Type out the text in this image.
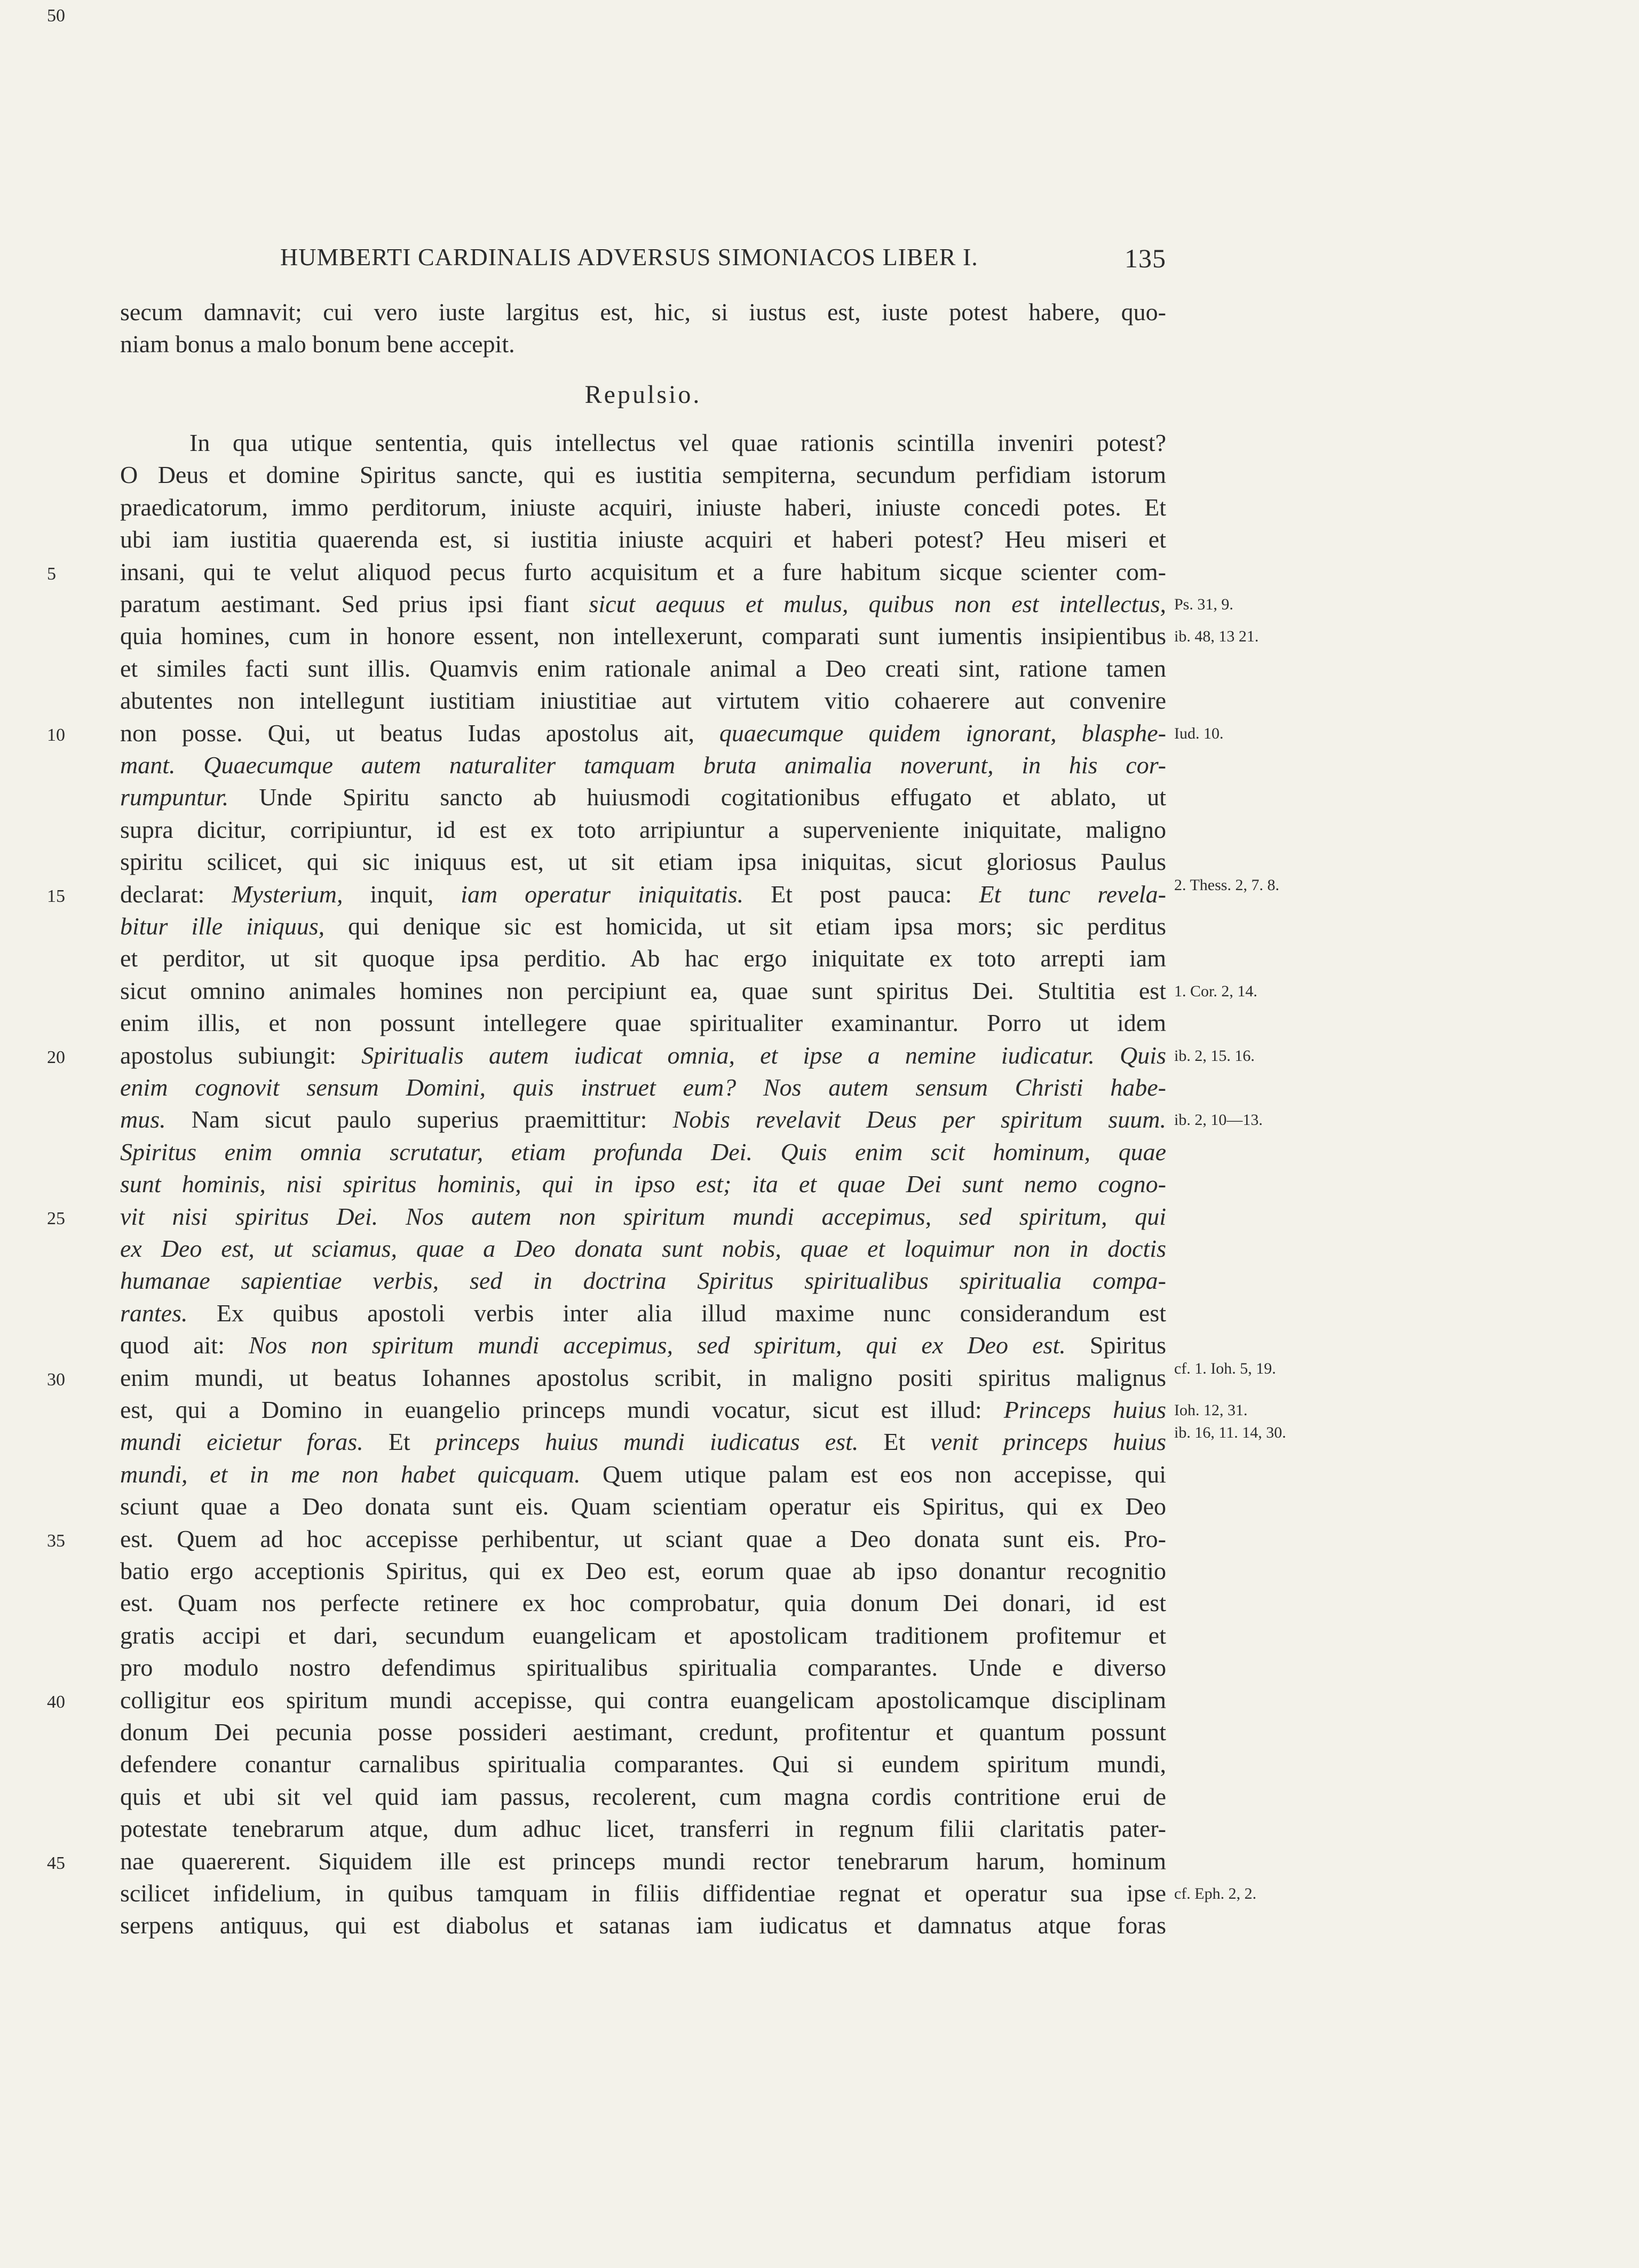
HUMBERTI CARDINALIS ADVERSUS SIMONIACOS LIBER I.	135
Repulsio.
secum damnavit; cui vero iuste largitus est, hic, si iustus est, iuste potest habere, quo-
niam bonus a malo bonum bene accepit.
In qua utique sententia, quis intellectus vel quae rationis scintilla inveniri potest?
O Deus et domine Spiritus sancte, qui es iustitia sempiterna, secundum perfidiam istorum
praedicatorum, immo perditorum, iniuste acquiri, iniuste haberi, iniuste concedi potes. Et
ubi iam iustitia quaerenda est, si iustitia iniuste acquiri et haberi potest? Heu miseri et
insani, qui te velut aliquod pecus furto acquisitum et a fure habitum sicque scienter com-
paratum aestimant. Sed prius ipsi fiant sicut aequus et mulus, quibus non est intellectus,
quia homines, cum in honore essent, non intellexerunt, comparati sunt iumentis insipientibus
et similes facti sunt illis. Quamvis enim rationale animal a Deo creati sint, ratione tamen
abutentes non intellegunt iustitiam iniustitiae aut virtutem vitio cohaerere aut convenire
non posse. Qui, ut beatus Iudas apostolus ait, quaecumque quidem ignorant, blasphe-
mant. Quaecumque autem naturaliter tamquam bruta animalia noverunt, in his cor-
rumpuntur. Unde Spiritu sancto ab huiusmodi cogitationibus effugato et ablato, ut
supra dicitur, corripiuntur, id est ex toto arripiuntur a superveniente iniquitate, maligno
spiritu scilicet, qui sic iniquus est, ut sit etiam ipsa iniquitas, sicut gloriosus Paulus
declarat: Mysterium, inquit, iam operatur iniquitatis. Et post pauca: Et tunc revela-
bitur ille iniquus, qui denique sic est homicida, ut sit etiam ipsa mors; sic perditus
et perditor, ut sit quoque ipsa perditio. Ab hac ergo iniquitate ex toto arrepti iam
sicut omnino animales homines non percipiunt ea, quae sunt spiritus Dei. Stultitia est
enim illis, et non possunt intellegere quae spiritualiter examinantur. Porro ut idem
apostolus subiungit: Spiritualis autem iudicat omnia, et ipse a nemine iudicatur. Quis
enim cognovit sensum Domini, quis instruet eum? Nos autem sensum Christi habe-
mus. Nam sicut paulo superius praemittitur: Nobis revelavit Deus per spiritum suum.
Spiritus enim omnia scrutatur, etiam profunda Dei. Quis enim scit hominum, quae
sunt hominis, nisi spiritus hominis, qui in ipso est; ita et quae Dei sunt nemo cogno-
vit nisi spiritus Dei. Nos autem non spiritum mundi accepimus, sed spiritum, qui
ex Deo est, ut sciamus, quae a Deo donata sunt nobis, quae et loquimur non in doctis
humanae sapientiae verbis, sed in doctrina Spiritus spiritualibus spiritualia compa-
rantes. Ex quibus apostoli verbis inter alia illud maxime nunc considerandum est
quod ait: Nos non spiritum mundi accepimus, sed spiritum, qui ex Deo est. Spiritus
enim mundi, ut beatus Iohannes apostolus scribit, in maligno positi spiritus malignus
est, qui a Domino in euangelio princeps mundi vocatur, sicut est illud: Princeps huius
mundi eicietur foras. Et princeps huius mundi iudicatus est. Et venit princeps huius
mundi, et in me non habet quicquam. Quem utique palam est eos non accepisse, qui
sciunt quae a Deo donata sunt eis. Quam scientiam operatur eis Spiritus, qui ex Deo
est. Quem ad hoc accepisse perhibentur, ut sciant quae a Deo donata sunt eis. Pro-
batio ergo acceptionis Spiritus, qui ex Deo est, eorum quae ab ipso donantur recognitio
est. Quam nos perfecte retinere ex hoc comprobatur, quia donum Dei donari, id est
gratis accipi et dari, secundum euangelicam et apostolicam traditionem profitemur et
pro modulo nostro defendimus spiritualibus spiritualia comparantes. Unde e diverso
colligitur eos spiritum mundi accepisse, qui contra euangelicam apostolicamque disciplinam
donum Dei pecunia posse possideri aestimant, credunt, profitentur et quantum possunt
defendere conantur carnalibus spiritualia comparantes. Qui si eundem spiritum mundi,
quis et ubi sit vel quid iam passus, recolerent, cum magna cordis contritione erui de
potestate tenebrarum atque, dum adhuc licet, transferri in regnum filii claritatis pater-
nae quaererent. Siquidem ille est princeps mundi rector tenebrarum harum, hominum
scilicet infidelium, in quibus tamquam in filiis diffidentiae regnat et operatur sua ipse
serpens antiquus, qui est diabolus et satanas iam iudicatus et damnatus atque foras
5
10
15
20
25
30
35
40
45
50
Ps. 31, 9.
ib. 48, 13 21.
Iud. 10.
2. Thess. 2, 7. 8.
1. Cor. 2, 14.
ib. 2, 15. 16.
ib. 2, 10—13.
cf. 1. Ioh. 5, 19.
Ioh. 12, 31.
ib. 16, 11. 14, 30.
cf. Eph. 2, 2.
